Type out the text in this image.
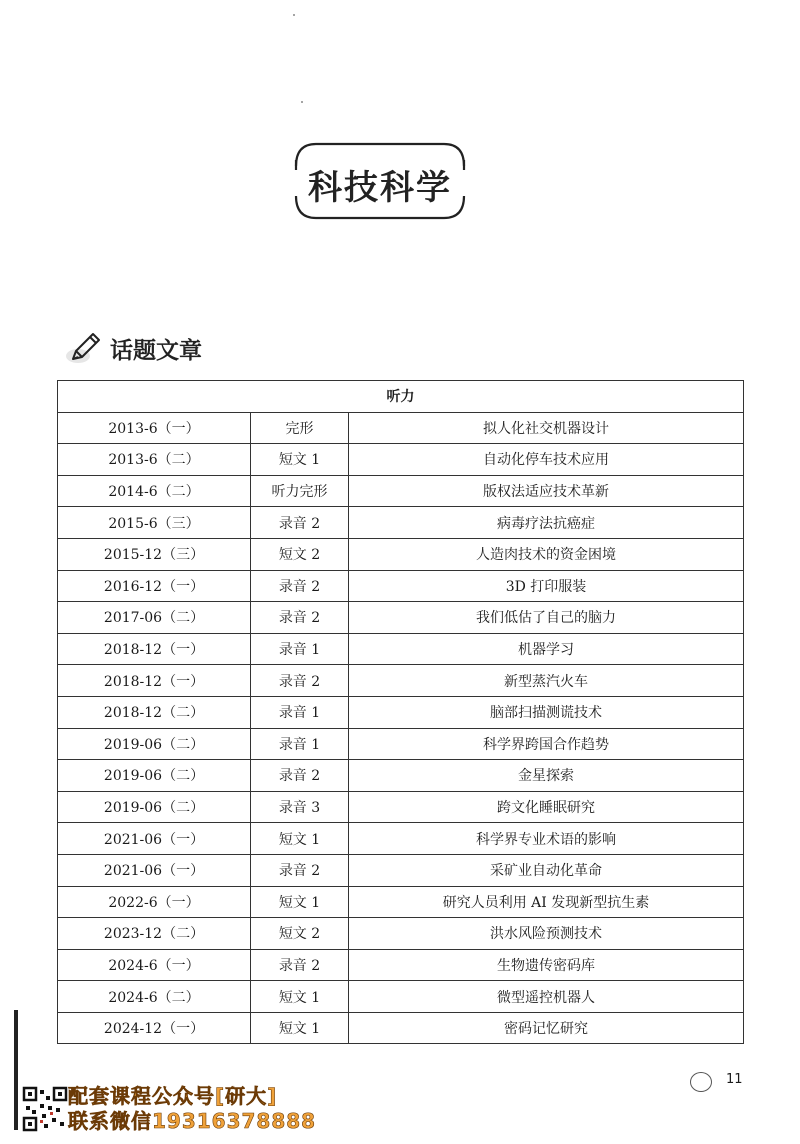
科技科学
话题文章
听力		
2013-6（一）	完形	拟人化社交机器设计
2013-6（二）	短文 1	自动化停车技术应用
2014-6（二）	听力完形	版权法适应技术革新
2015-6（三）	录音 2	病毒疗法抗癌症
2015-12（三）	短文 2	人造肉技术的资金困境
2016-12（一）	录音 2	3D 打印服装
2017-06（二）	录音 2	我们低估了自己的脑力
2018-12（一）	录音 1	机器学习
2018-12（一）	录音 2	新型蒸汽火车
2018-12（二）	录音 1	脑部扫描测谎技术
2019-06（二）	录音 1	科学界跨国合作趋势
2019-06（二）	录音 2	金星探索
2019-06（二）	录音 3	跨文化睡眠研究
2021-06（一）	短文 1	科学界专业术语的影响
2021-06（一）	录音 2	采矿业自动化革命
2022-6（一）	短文 1	研究人员利用 AI 发现新型抗生素
2023-12（二）	短文 2	洪水风险预测技术
2024-6（一）	录音 2	生物遗传密码库
2024-6（二）	短文 1	微型遥控机器人
2024-12（一）	短文 1	密码记忆研究
11
配套课程公众号[研大]
联系微信19316378888
